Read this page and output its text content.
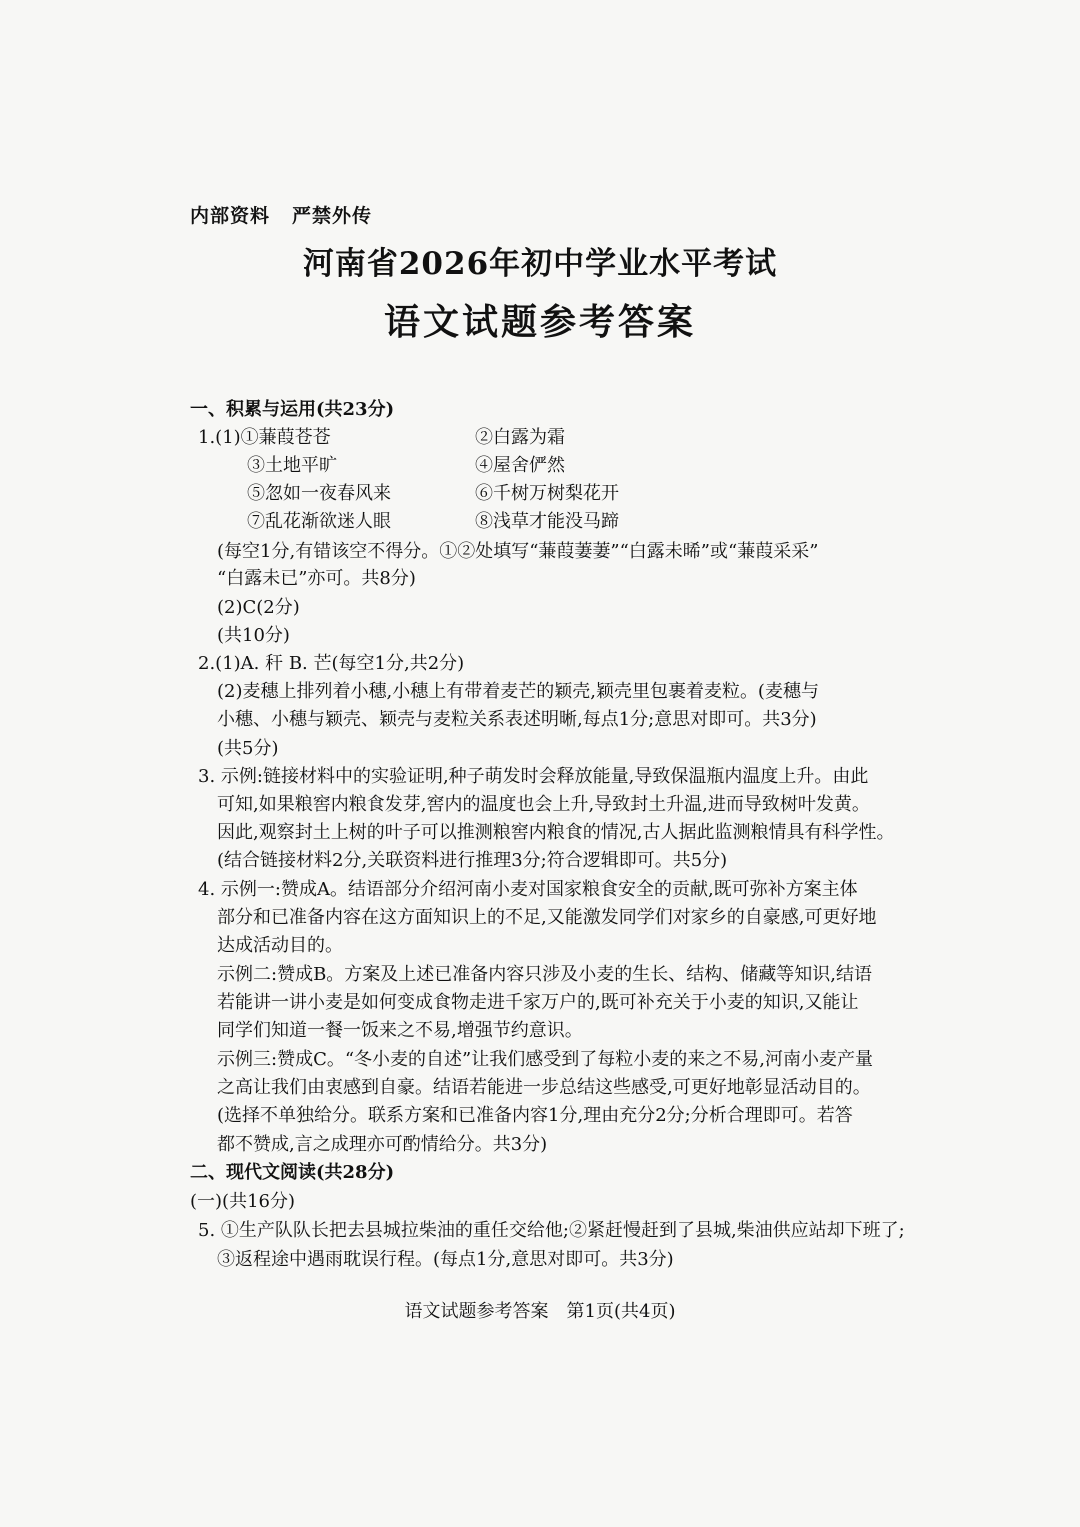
内部资料 严禁外传
河南省2026年初中学业水平考试
语文试题参考答案
一、积累与运用(共23分)
1.(1)①蒹葭苍苍	②白露为霜
③土地平旷	④屋舍俨然
⑤忽如一夜春风来	⑥千树万树梨花开
⑦乱花渐欲迷人眼	⑧浅草才能没马蹄
(每空1分,有错该空不得分。①②处填写“蒹葭萋萋”“白露未晞”或“蒹葭采采”
“白露未已”亦可。共8分)
(2)C(2分)
(共10分)
2.(1)A. 秆 B. 芒(每空1分,共2分)
(2)麦穗上排列着小穗,小穗上有带着麦芒的颖壳,颖壳里包裹着麦粒。(麦穗与
小穗、小穗与颖壳、颖壳与麦粒关系表述明晰,每点1分;意思对即可。共3分)
(共5分)
3. 示例:链接材料中的实验证明,种子萌发时会释放能量,导致保温瓶内温度上升。由此
可知,如果粮窖内粮食发芽,窖内的温度也会上升,导致封土升温,进而导致树叶发黄。
因此,观察封土上树的叶子可以推测粮窖内粮食的情况,古人据此监测粮情具有科学性。
(结合链接材料2分,关联资料进行推理3分;符合逻辑即可。共5分)
4. 示例一:赞成A。结语部分介绍河南小麦对国家粮食安全的贡献,既可弥补方案主体
部分和已准备内容在这方面知识上的不足,又能激发同学们对家乡的自豪感,可更好地
达成活动目的。
示例二:赞成B。方案及上述已准备内容只涉及小麦的生长、结构、储藏等知识,结语
若能讲一讲小麦是如何变成食物走进千家万户的,既可补充关于小麦的知识,又能让
同学们知道一餐一饭来之不易,增强节约意识。
示例三:赞成C。“冬小麦的自述”让我们感受到了每粒小麦的来之不易,河南小麦产量
之高让我们由衷感到自豪。结语若能进一步总结这些感受,可更好地彰显活动目的。
(选择不单独给分。联系方案和已准备内容1分,理由充分2分;分析合理即可。若答
都不赞成,言之成理亦可酌情给分。共3分)
二、现代文阅读(共28分)
(一)(共16分)
5. ①生产队队长把去县城拉柴油的重任交给他;②紧赶慢赶到了县城,柴油供应站却下班了;
③返程途中遇雨耽误行程。(每点1分,意思对即可。共3分)
语文试题参考答案 第1页(共4页)
